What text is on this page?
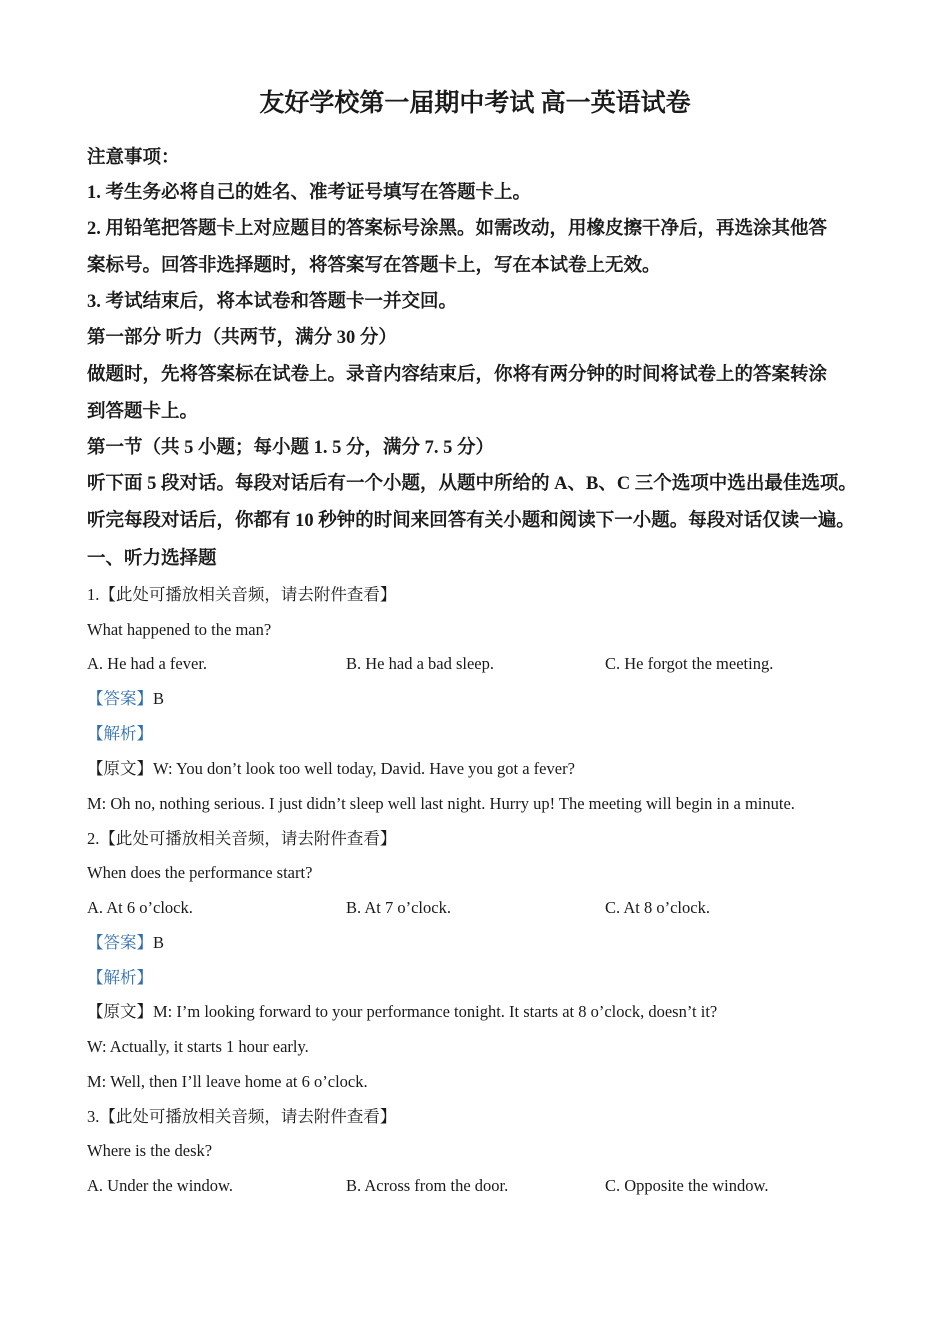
友好学校第一届期中考试 高一英语试卷
注意事项：
1. 考生务必将自己的姓名、准考证号填写在答题卡上。
2. 用铅笔把答题卡上对应题目的答案标号涂黑。如需改动，用橡皮擦干净后，再选涂其他答
案标号。回答非选择题时，将答案写在答题卡上，写在本试卷上无效。
3. 考试结束后，将本试卷和答题卡一并交回。
第一部分 听力（共两节，满分 30 分）
做题时，先将答案标在试卷上。录音内容结束后，你将有两分钟的时间将试卷上的答案转涂
到答题卡上。
第一节（共 5 小题；每小题 1. 5 分，满分 7. 5 分）
听下面 5 段对话。每段对话后有一个小题，从题中所给的 A、B、C 三个选项中选出最佳选项。
听完每段对话后，你都有 10 秒钟的时间来回答有关小题和阅读下一小题。每段对话仅读一遍。
一、听力选择题
1.【此处可播放相关音频，请去附件查看】
What happened to the man?
A. He had a fever.	B. He had a bad sleep.	C. He forgot the meeting.
【答案】B
【解析】
【原文】W: You don’t look too well today, David. Have you got a fever?
M: Oh no, nothing serious. I just didn’t sleep well last night. Hurry up! The meeting will begin in a minute.
2.【此处可播放相关音频，请去附件查看】
When does the performance start?
A. At 6 o’clock.	B. At 7 o’clock.	C. At 8 o’clock.
【答案】B
【解析】
【原文】M: I’m looking forward to your performance tonight. It starts at 8 o’clock, doesn’t it?
W: Actually, it starts 1 hour early.
M: Well, then I’ll leave home at 6 o’clock.
3.【此处可播放相关音频，请去附件查看】
Where is the desk?
A. Under the window.	B. Across from the door.	C. Opposite the window.
